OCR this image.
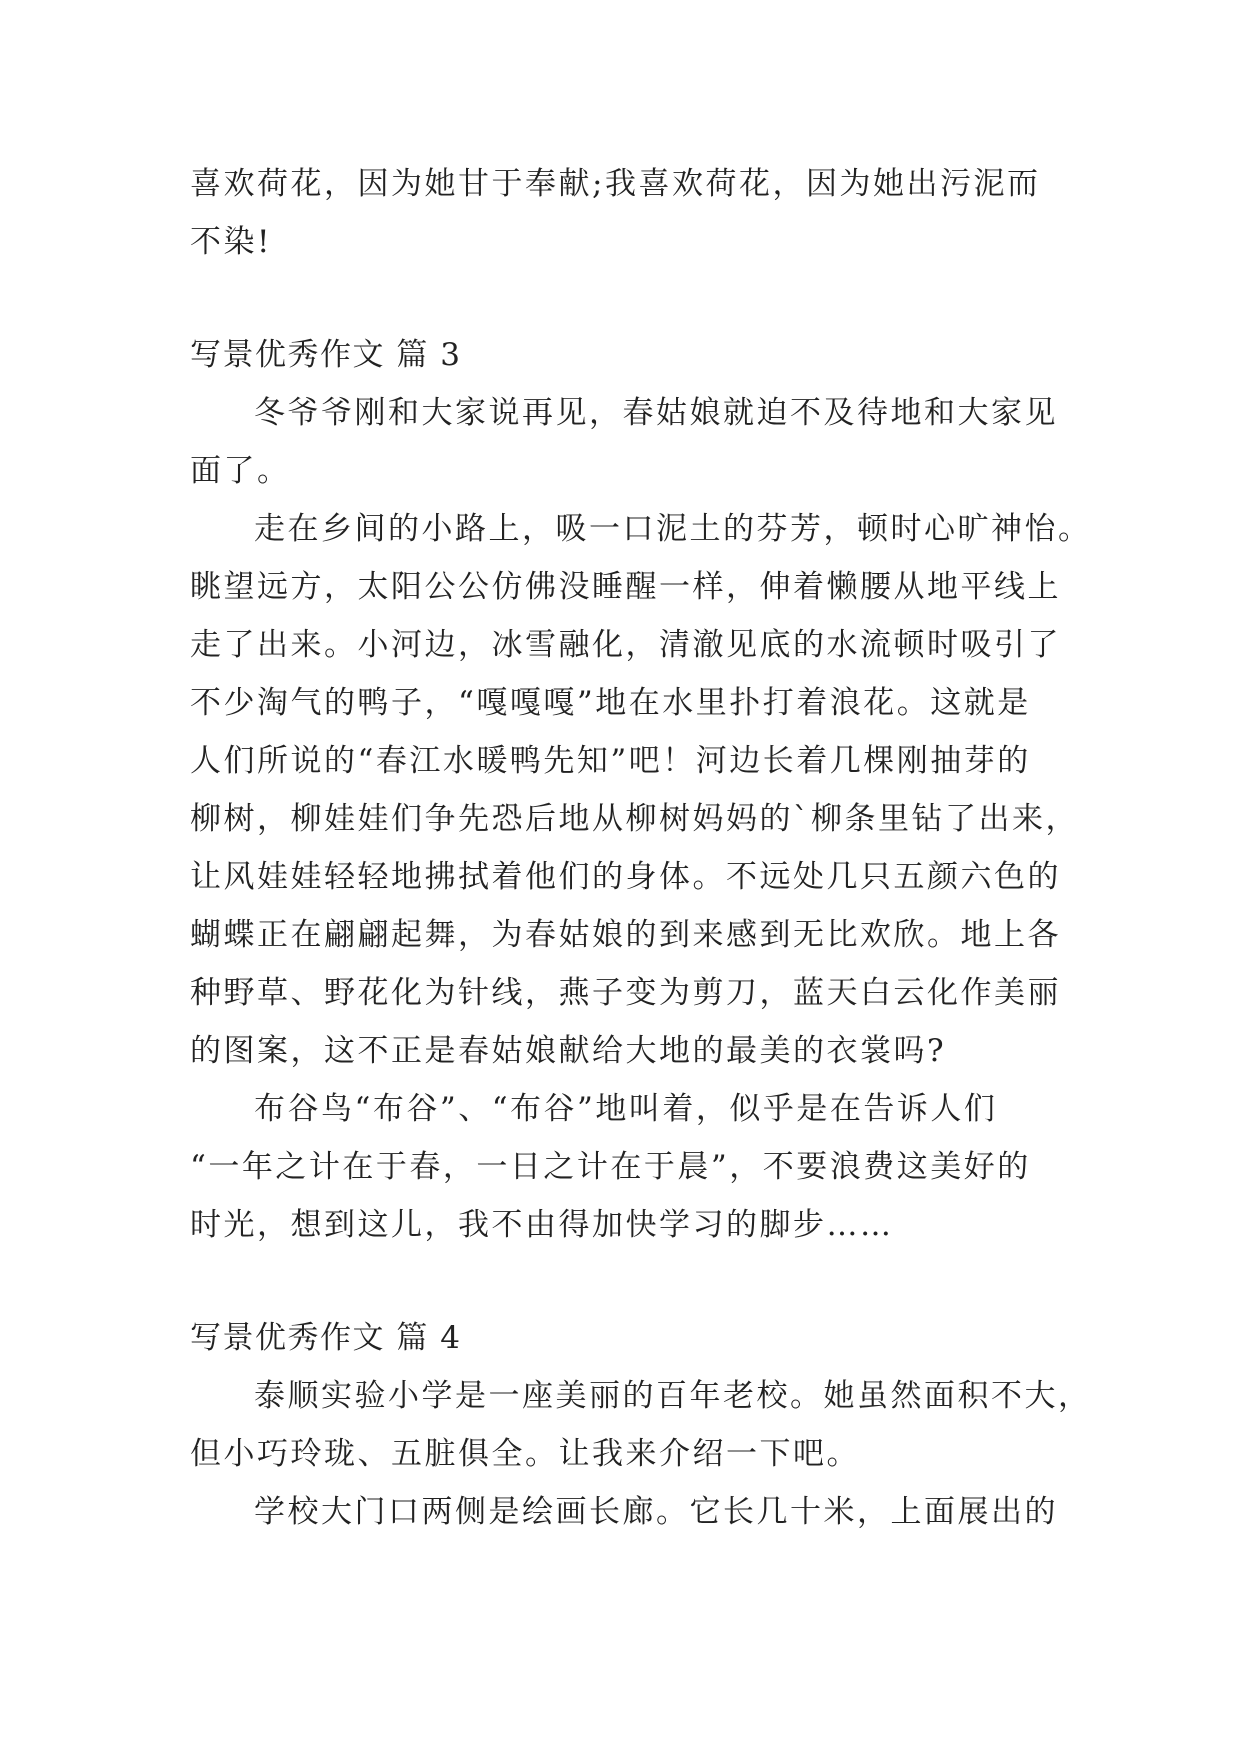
喜欢荷花，因为她甘于奉献;我喜欢荷花，因为她出污泥而
不染!
写景优秀作文 篇 3
冬爷爷刚和大家说再见，春姑娘就迫不及待地和大家见
面了。
走在乡间的小路上，吸一口泥土的芬芳，顿时心旷神怡。
眺望远方，太阳公公仿佛没睡醒一样，伸着懒腰从地平线上
走了出来。小河边，冰雪融化，清澈见底的水流顿时吸引了
不少淘气的鸭子，“嘎嘎嘎”地在水里扑打着浪花。这就是
人们所说的“春江水暖鸭先知”吧！河边长着几棵刚抽芽的
柳树，柳娃娃们争先恐后地从柳树妈妈的`柳条里钻了出来，
让风娃娃轻轻地拂拭着他们的身体。不远处几只五颜六色的
蝴蝶正在翩翩起舞，为春姑娘的到来感到无比欢欣。地上各
种野草、野花化为针线，燕子变为剪刀，蓝天白云化作美丽
的图案，这不正是春姑娘献给大地的最美的衣裳吗?
布谷鸟“布谷”、“布谷”地叫着，似乎是在告诉人们
“一年之计在于春，一日之计在于晨”，不要浪费这美好的
时光，想到这儿，我不由得加快学习的脚步……
写景优秀作文 篇 4
泰顺实验小学是一座美丽的百年老校。她虽然面积不大，
但小巧玲珑、五脏俱全。让我来介绍一下吧。
学校大门口两侧是绘画长廊。它长几十米，上面展出的
